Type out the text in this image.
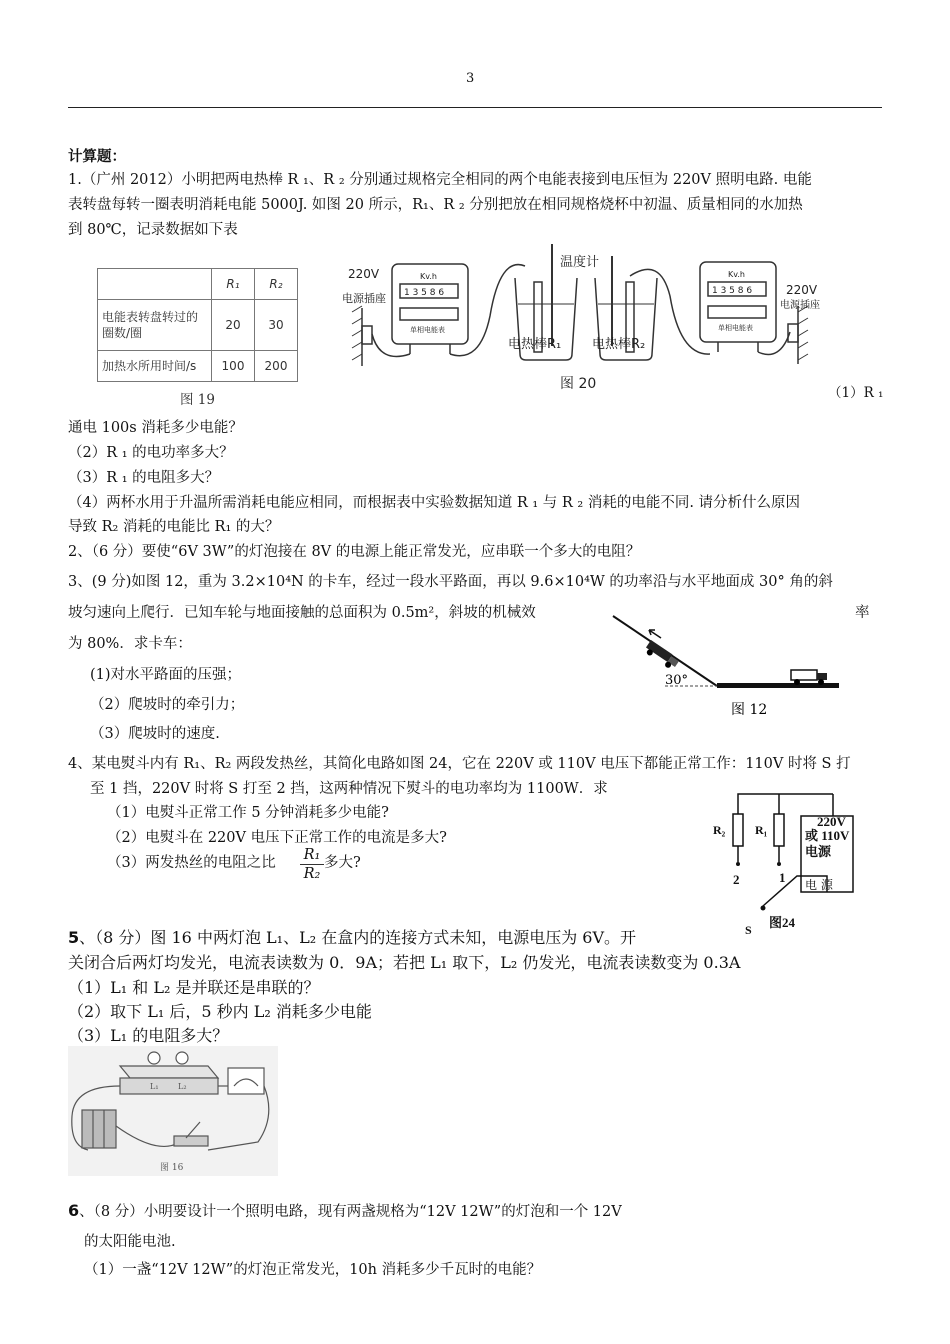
3
计算题：
1.（广州 2012）小明把两电热棒 R ₁、R ₂ 分别通过规格完全相同的两个电能表接到电压恒为 220V 照明电路. 电能
表转盘每转一圈表明消耗电能 5000J. 如图 20 所示，R₁、R ₂ 分别把放在相同规格烧杯中初温、质量相同的水加热
到 80℃，记录数据如下表
	R₁	R₂
电能表转盘转过的圈数/圈	20	30
加热水所用时间/s	100	200
图 19
220V
电源插座
Kv.h
1 3 5 8 6
单相电能表
温度计
电热棒R₁ 电热棒R₂
Kv.h
1 3 5 8 6
单相电能表
220V
电源插座
图 20
（1）R ₁
通电 100s 消耗多少电能？
（2）R ₁ 的电功率多大？
（3）R ₁ 的电阻多大？
（4）两杯水用于升温所需消耗电能应相同，而根据表中实验数据知道 R ₁ 与 R ₂ 消耗的电能不同. 请分析什么原因
导致 R₂ 消耗的电能比 R₁ 的大？
2、（6 分）要使“6V 3W”的灯泡接在 8V 的电源上能正常发光，应串联一个多大的电阻？
3、(9 分)如图 12，重为 3.2×10⁴N 的卡车，经过一段水平路面，再以 9.6×10⁴W 的功率沿与水平地面成 30° 角的斜
坡匀速向上爬行．已知车轮与地面接触的总面积为 0.5m²，斜坡的机械效	率
为 80%．求卡车：
(1)对水平路面的压强；
（2）爬坡时的牵引力；
（3）爬坡时的速度.
30°
图 12
4、某电熨斗内有 R₁、R₂ 两段发热丝，其简化电路如图 24，它在 220V 或 110V 电压下都能正常工作：110V 时将 S 打
至 1 挡，220V 时将 S 打至 2 挡，这两种情况下熨斗的电功率均为 1100W．求
（1）电熨斗正常工作 5 分钟消耗多少电能?
（2）电熨斗在 220V 电压下正常工作的电流是多大?
（3）两发热丝的电阻之比 $\frac{\text{R₁}}{\text{R₂}}$ 多大?
R₂ R₁
220V
或 110V
电源
2	1
S 图24
电 源
5、（8 分）图 16 中两灯泡 L₁、L₂ 在盒内的连接方式未知，电源电压为 6V。开
关闭合后两灯均发光，电流表读数为 0．9A；若把 L₁ 取下，L₂ 仍发光，电流表读数变为 0.3A
（1）L₁ 和 L₂ 是并联还是串联的？
（2）取下 L₁ 后，5 秒内 L₂ 消耗多少电能
（3）L₁ 的电阻多大？
L₁ L₂
图 16
6、（8 分）小明要设计一个照明电路，现有两盏规格为“12V 12W”的灯泡和一个 12V
的太阳能电池.
（1）一盏“12V 12W”的灯泡正常发光，10h 消耗多少千瓦时的电能？
